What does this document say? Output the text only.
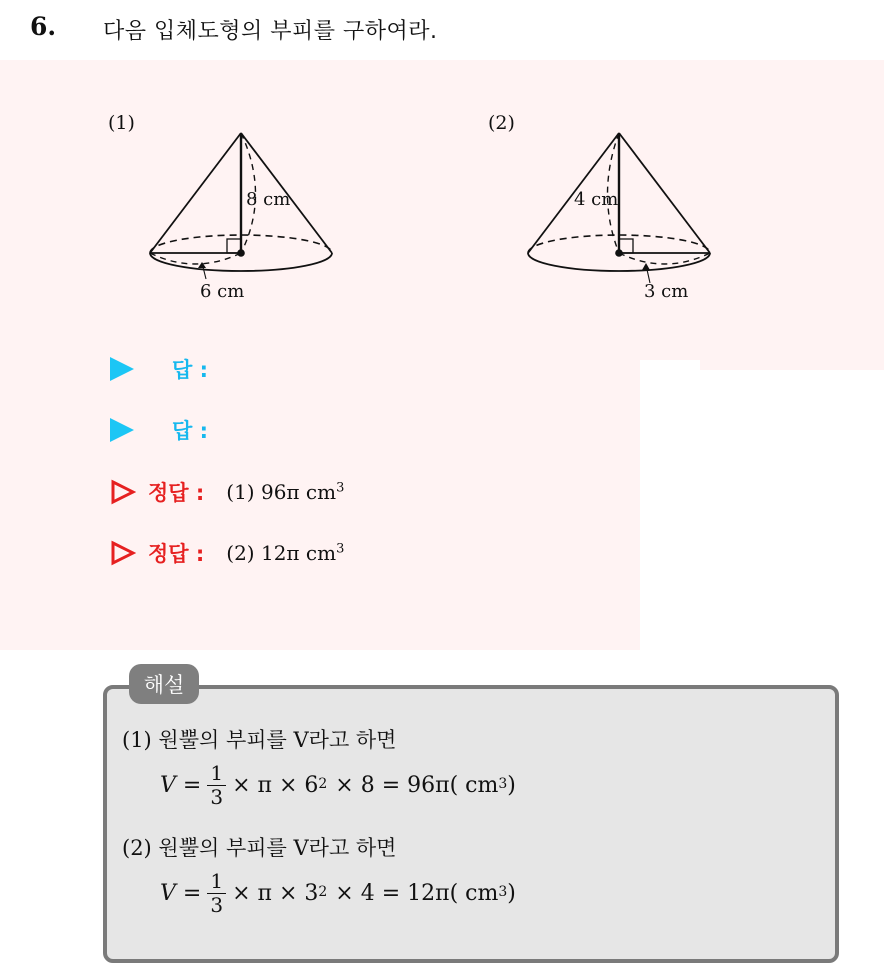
6. 다음 입체도형의 부피를 구하여라.
(1)
8 cm
6 cm
(2)
4 cm
3 cm
답 :
답 :
정답 : (1) 96π $cm^3$
정답 : (2) 12π $cm^3$
해설
(1) 원뿔의 부피를 V라고 하면
$V = \frac{1}{3} \times \pi \times 6^2 \times 8 = 96\pi$( $cm^3$ )
(2) 원뿔의 부피를 V라고 하면
$V = \frac{1}{3} \times \pi \times 3^2 \times 4 = 12\pi$( $cm^3$ )
